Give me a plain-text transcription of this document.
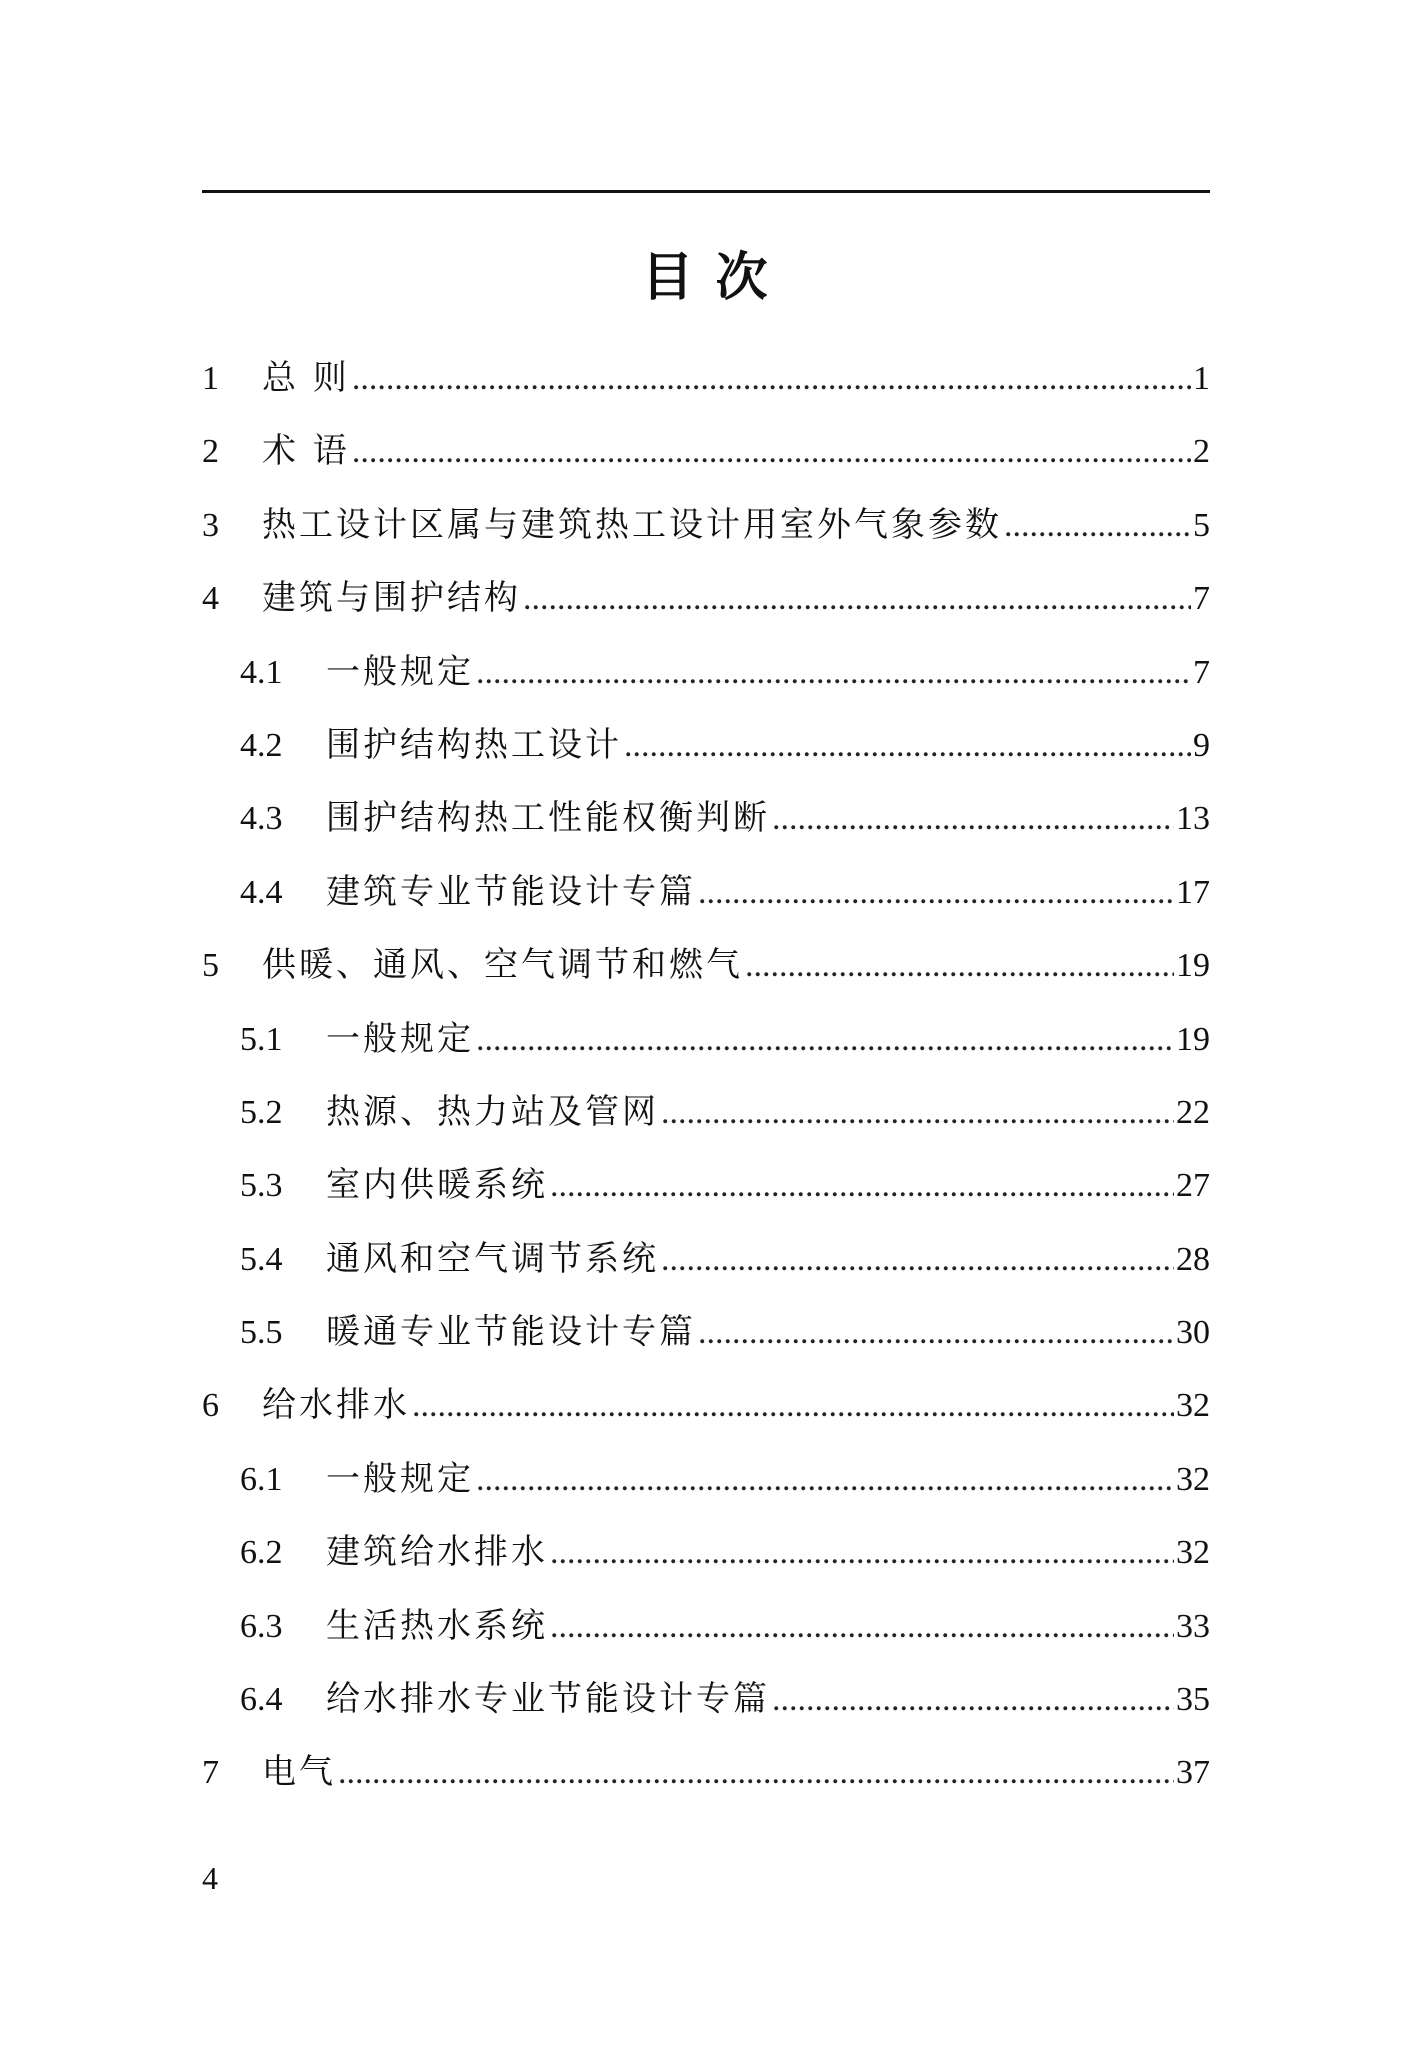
目 次
1	总 则 .....	1
2	术 语 .....	2
3	热工设计区属与建筑热工设计用室外气象参数 .....	5
4	建筑与围护结构 .....	7
4.1	一般规定 .....	7
4.2	围护结构热工设计 .....	9
4.3	围护结构热工性能权衡判断 .....	13
4.4	建筑专业节能设计专篇 .....	17
5	供暖、通风、空气调节和燃气 .....	19
5.1	一般规定 .....	19
5.2	热源、热力站及管网 .....	22
5.3	室内供暖系统 .....	27
5.4	通风和空气调节系统 .....	28
5.5	暖通专业节能设计专篇 .....	30
6	给水排水 .....	32
6.1	一般规定 .....	32
6.2	建筑给水排水 .....	32
6.3	生活热水系统 .....	33
6.4	给水排水专业节能设计专篇 .....	35
7	电气 .....	37
4
